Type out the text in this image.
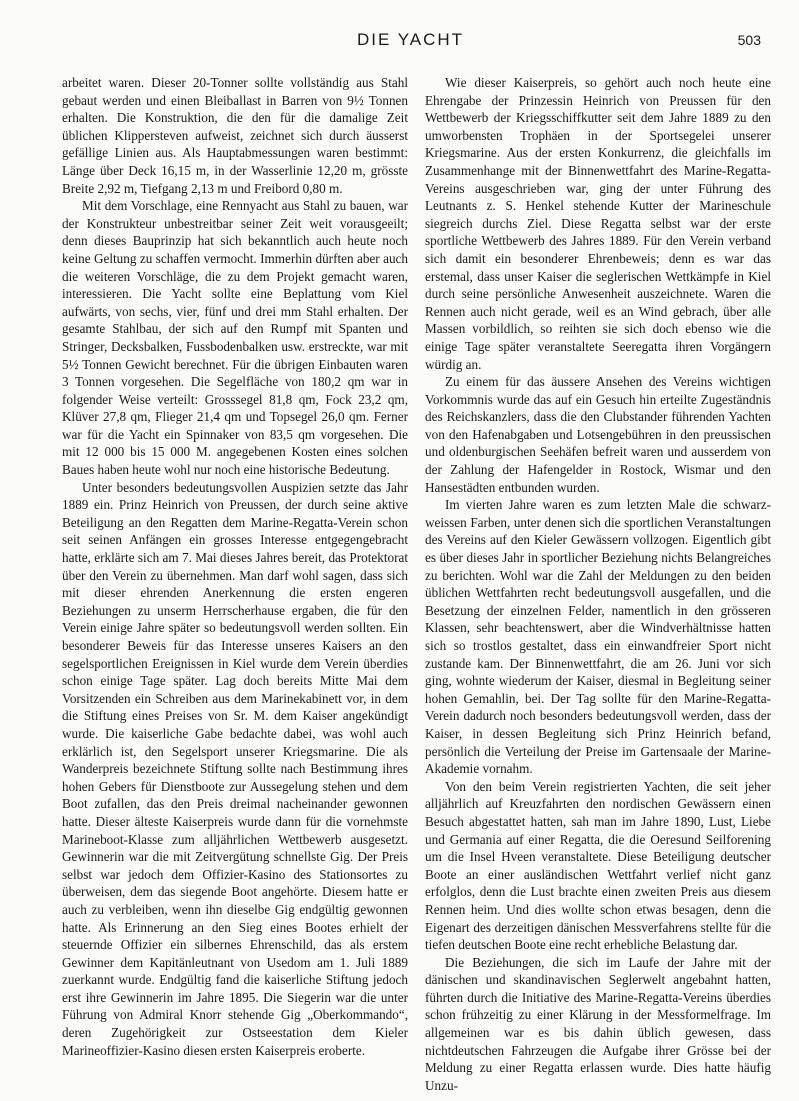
DIE YACHT	503

arbeitet waren. Dieser 20-Tonner sollte vollständig aus Stahl gebaut werden und einen Bleiballast in Barren von 9½ Tonnen erhalten. Die Konstruktion, die den für die damalige Zeit üblichen Klippersteven aufweist, zeichnet sich durch äusserst gefällige Linien aus. Als Hauptabmessungen waren bestimmt: Länge über Deck 16,15 m, in der Wasserlinie 12,20 m, grösste Breite 2,92 m, Tiefgang 2,13 m und Freibord 0,80 m.

Mit dem Vorschlage, eine Rennyacht aus Stahl zu bauen, war der Konstrukteur unbestreitbar seiner Zeit weit vorausgeeilt; denn dieses Bauprinzip hat sich bekanntlich auch heute noch keine Geltung zu schaffen vermocht. Immerhin dürften aber auch die weiteren Vorschläge, die zu dem Projekt gemacht waren, interessieren. Die Yacht sollte eine Beplattung vom Kiel aufwärts, von sechs, vier, fünf und drei mm Stahl erhalten. Der gesamte Stahlbau, der sich auf den Rumpf mit Spanten und Stringer, Decksbalken, Fussbodenbalken usw. erstreckte, war mit 5½ Tonnen Gewicht berechnet. Für die übrigen Einbauten waren 3 Tonnen vorgesehen. Die Segelfläche von 180,2 qm war in folgender Weise verteilt: Grosssegel 81,8 qm, Fock 23,2 qm, Klüver 27,8 qm, Flieger 21,4 qm und Topsegel 26,0 qm. Ferner war für die Yacht ein Spinnaker von 83,5 qm vorgesehen. Die mit 12 000 bis 15 000 M. angegebenen Kosten eines solchen Baues haben heute wohl nur noch eine historische Bedeutung.

Unter besonders bedeutungsvollen Auspizien setzte das Jahr 1889 ein. Prinz Heinrich von Preussen, der durch seine aktive Beteiligung an den Regatten dem Marine-Regatta-Verein schon seit seinen Anfängen ein grosses Interesse entgegengebracht hatte, erklärte sich am 7. Mai dieses Jahres bereit, das Protektorat über den Verein zu übernehmen. Man darf wohl sagen, dass sich mit dieser ehrenden Anerkennung die ersten engeren Beziehungen zu unserm Herrscherhause ergaben, die für den Verein einige Jahre später so bedeutungsvoll werden sollten. Ein besonderer Beweis für das Interesse unseres Kaisers an den segelsportlichen Ereignissen in Kiel wurde dem Verein überdies schon einige Tage später. Lag doch bereits Mitte Mai dem Vorsitzenden ein Schreiben aus dem Marinekabinett vor, in dem die Stiftung eines Preises von Sr. M. dem Kaiser angekündigt wurde. Die kaiserliche Gabe bedachte dabei, was wohl auch erklärlich ist, den Segelsport unserer Kriegsmarine. Die als Wanderpreis bezeichnete Stiftung sollte nach Bestimmung ihres hohen Gebers für Dienstboote zur Aussegelung stehen und dem Boot zufallen, das den Preis dreimal nacheinander gewonnen hatte. Dieser älteste Kaiserpreis wurde dann für die vornehmste Marineboot-Klasse zum alljährlichen Wettbewerb ausgesetzt. Gewinnerin war die mit Zeitvergütung schnellste Gig. Der Preis selbst war jedoch dem Offizier-Kasino des Stationsortes zu überweisen, dem das siegende Boot angehörte. Diesem hatte er auch zu verbleiben, wenn ihn dieselbe Gig endgültig gewonnen hatte. Als Erinnerung an den Sieg eines Bootes erhielt der steuernde Offizier ein silbernes Ehrenschild, das als erstem Gewinner dem Kapitänleutnant von Usedom am 1. Juli 1889 zuerkannt wurde. Endgültig fand die kaiserliche Stiftung jedoch erst ihre Gewinnerin im Jahre 1895. Die Siegerin war die unter Führung von Admiral Knorr stehende Gig „Oberkommando“, deren Zugehörigkeit zur Ostseestation dem Kieler Marineoffizier-Kasino diesen ersten Kaiserpreis eroberte.

Wie dieser Kaiserpreis, so gehört auch noch heute eine Ehrengabe der Prinzessin Heinrich von Preussen für den Wettbewerb der Kriegsschiffkutter seit dem Jahre 1889 zu den umworbensten Trophäen in der Sportsegelei unserer Kriegsmarine. Aus der ersten Konkurrenz, die gleichfalls im Zusammenhange mit der Binnenwettfahrt des Marine-Regatta-Vereins ausgeschrieben war, ging der unter Führung des Leutnants z. S. Henkel stehende Kutter der Marineschule siegreich durchs Ziel. Diese Regatta selbst war der erste sportliche Wettbewerb des Jahres 1889. Für den Verein verband sich damit ein besonderer Ehrenbeweis; denn es war das erstemal, dass unser Kaiser die seglerischen Wettkämpfe in Kiel durch seine persönliche Anwesenheit auszeichnete. Waren die Rennen auch nicht gerade, weil es an Wind gebrach, über alle Massen vorbildlich, so reihten sie sich doch ebenso wie die einige Tage später veranstaltete Seeregatta ihren Vorgängern würdig an.

Zu einem für das äussere Ansehen des Vereins wichtigen Vorkommnis wurde das auf ein Gesuch hin erteilte Zugeständnis des Reichskanzlers, dass die den Clubstander führenden Yachten von den Hafenabgaben und Lotsengebühren in den preussischen und oldenburgischen Seehäfen befreit waren und ausserdem von der Zahlung der Hafengelder in Rostock, Wismar und den Hansestädten entbunden wurden.

Im vierten Jahre waren es zum letzten Male die schwarz-weissen Farben, unter denen sich die sportlichen Veranstaltungen des Vereins auf den Kieler Gewässern vollzogen. Eigentlich gibt es über dieses Jahr in sportlicher Beziehung nichts Belangreiches zu berichten. Wohl war die Zahl der Meldungen zu den beiden üblichen Wettfahrten recht bedeutungsvoll ausgefallen, und die Besetzung der einzelnen Felder, namentlich in den grösseren Klassen, sehr beachtenswert, aber die Windverhältnisse hatten sich so trostlos gestaltet, dass ein einwandfreier Sport nicht zustande kam. Der Binnenwettfahrt, die am 26. Juni vor sich ging, wohnte wiederum der Kaiser, diesmal in Begleitung seiner hohen Gemahlin, bei. Der Tag sollte für den Marine-Regatta-Verein dadurch noch besonders bedeutungsvoll werden, dass der Kaiser, in dessen Begleitung sich Prinz Heinrich befand, persönlich die Verteilung der Preise im Gartensaale der Marine-Akademie vornahm.

Von den beim Verein registrierten Yachten, die seit jeher alljährlich auf Kreuzfahrten den nordischen Gewässern einen Besuch abgestattet hatten, sah man im Jahre 1890, Lust, Liebe und Germania auf einer Regatta, die die Oeresund Seilforening um die Insel Hveen veranstaltete. Diese Beteiligung deutscher Boote an einer ausländischen Wettfahrt verlief nicht ganz erfolglos, denn die Lust brachte einen zweiten Preis aus diesem Rennen heim. Und dies wollte schon etwas besagen, denn die Eigenart des derzeitigen dänischen Messverfahrens stellte für die tiefen deutschen Boote eine recht erhebliche Belastung dar.

Die Beziehungen, die sich im Laufe der Jahre mit der dänischen und skandinavischen Seglerwelt angebahnt hatten, führten durch die Initiative des Marine-Regatta-Vereins überdies schon frühzeitig zu einer Klärung in der Messformelfrage. Im allgemeinen war es bis dahin üblich gewesen, dass nichtdeutschen Fahrzeugen die Aufgabe ihrer Grösse bei der Meldung zu einer Regatta erlassen wurde. Dies hatte häufig Unzu-
